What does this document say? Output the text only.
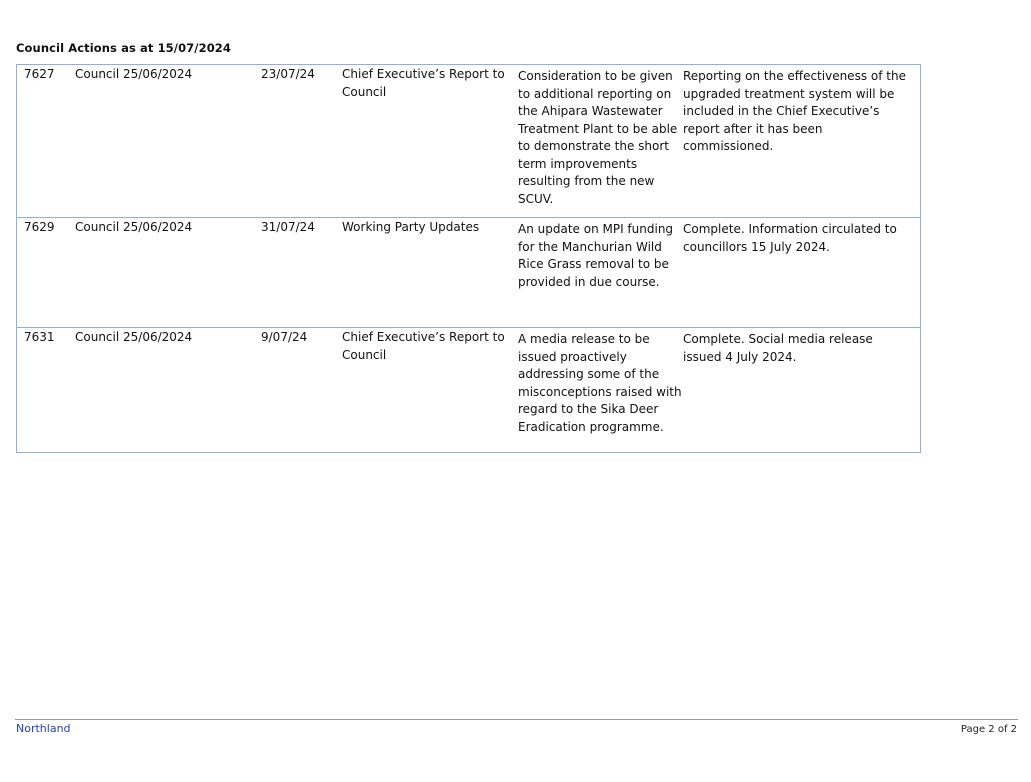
Council Actions as at 15/07/2024
7627	Council 25/06/2024	23/07/24	Chief Executive’s Report to Council	Consideration to be given to additional reporting on the Ahipara Wastewater Treatment Plant to be able to demonstrate the short term improvements resulting from the new SCUV.	Reporting on the effectiveness of the upgraded treatment system will be included in the Chief Executive’s report after it has been commissioned.
7629	Council 25/06/2024	31/07/24	Working Party Updates	An update on MPI funding for the Manchurian Wild Rice Grass removal to be provided in due course.	Complete. Information circulated to councillors 15 July 2024.
7631	Council 25/06/2024	9/07/24	Chief Executive’s Report to Council	A media release to be issued proactively addressing some of the misconceptions raised with regard to the Sika Deer Eradication programme.	Complete. Social media release issued 4 July 2024.
Northland	Page 2 of 2
